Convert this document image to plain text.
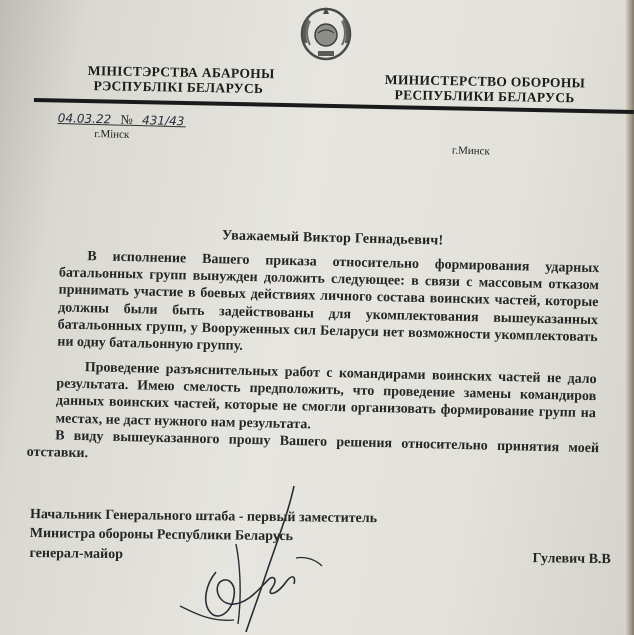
МІНІСТЭРСТВА АБАРОНЫ
РЭСПУБЛІКІ БЕЛАРУСЬ	МИНИСТЕРСТВО ОБОРОНЫ
РЕСПУБЛИКИ БЕЛАРУСЬ
04.03.22 № 431/43
г.Мінск
г.Минск
Уважаемый Виктор Геннадьевич!
В исполнение Вашего приказа относительно формирования ударных батальонных групп вынужден доложить следующее: в связи с массовым отказом принимать участие в боевых действиях личного состава воинских частей, которые должны были быть задействованы для укомплектования вышеуказанных батальонных групп, у Вооруженных сил Беларуси нет возможности укомплектовать ни одну батальонную группу.
Проведение разъяснительных работ с командирами воинских частей не дало результата. Имею смелость предположить, что проведение замены командиров данных воинских частей, которые не смогли организовать формирование групп на местах, не даст нужного нам результата.
В виду вышеуказанного прошу Вашего решения относительно принятия моей отставки.
Начальник Генерального штаба - первый заместитель
Министра обороны Республики Беларусь
генерал-майор	Гулевич В.В
